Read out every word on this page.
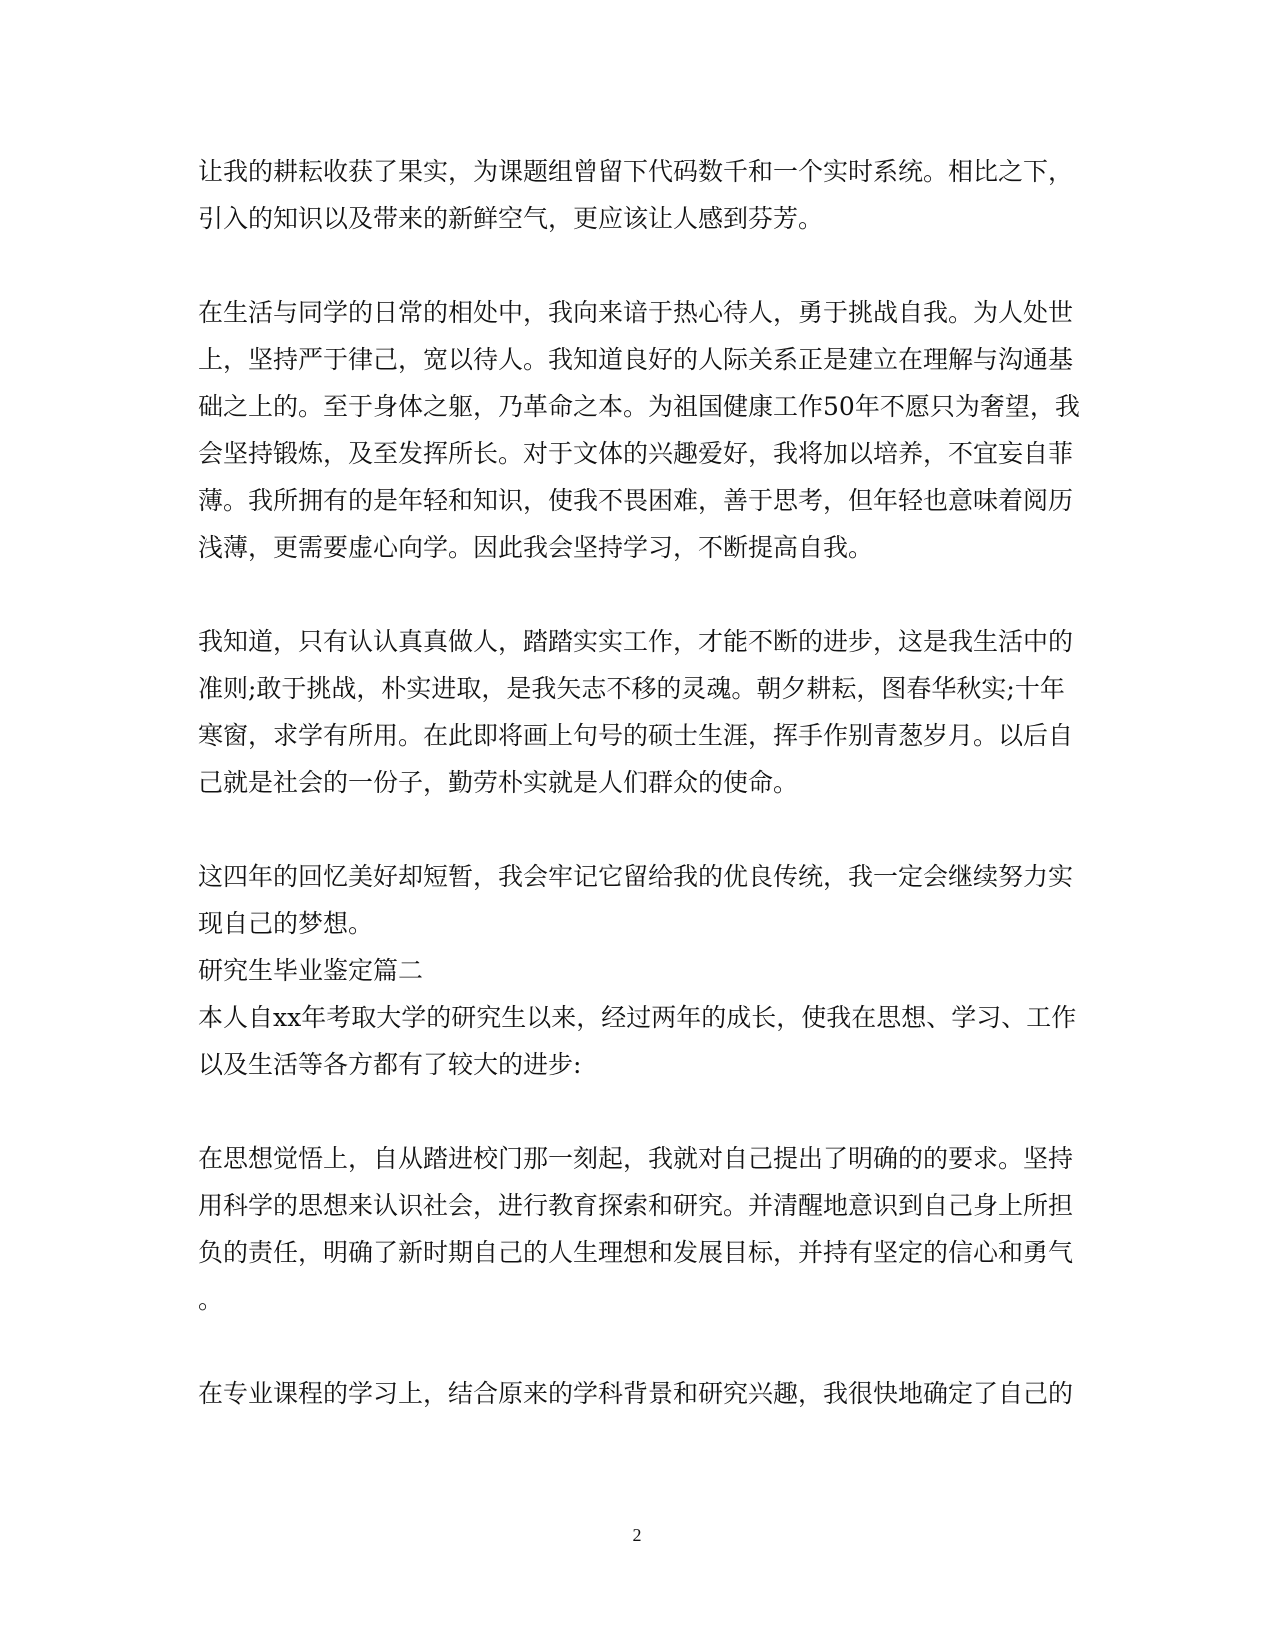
让我的耕耘收获了果实，为课题组曾留下代码数千和一个实时系统。相比之下，
引入的知识以及带来的新鲜空气，更应该让人感到芬芳。
在生活与同学的日常的相处中，我向来谙于热心待人，勇于挑战自我。为人处世
上，坚持严于律己，宽以待人。我知道良好的人际关系正是建立在理解与沟通基
础之上的。至于身体之躯，乃革命之本。为祖国健康工作50年不愿只为奢望，我
会坚持锻炼，及至发挥所长。对于文体的兴趣爱好，我将加以培养，不宜妄自菲
薄。我所拥有的是年轻和知识，使我不畏困难，善于思考，但年轻也意味着阅历
浅薄，更需要虚心向学。因此我会坚持学习，不断提高自我。
我知道，只有认认真真做人，踏踏实实工作，才能不断的进步，这是我生活中的
准则;敢于挑战，朴实进取，是我矢志不移的灵魂。朝夕耕耘，图春华秋实;十年
寒窗，求学有所用。在此即将画上句号的硕士生涯，挥手作别青葱岁月。以后自
己就是社会的一份子，勤劳朴实就是人们群众的使命。
这四年的回忆美好却短暂，我会牢记它留给我的优良传统，我一定会继续努力实
现自己的梦想。
研究生毕业鉴定篇二
本人自xx年考取大学的研究生以来，经过两年的成长，使我在思想、学习、工作
以及生活等各方都有了较大的进步:
在思想觉悟上，自从踏进校门那一刻起，我就对自己提出了明确的的要求。坚持
用科学的思想来认识社会，进行教育探索和研究。并清醒地意识到自己身上所担
负的责任，明确了新时期自己的人生理想和发展目标，并持有坚定的信心和勇气
。
在专业课程的学习上，结合原来的学科背景和研究兴趣，我很快地确定了自己的
2
